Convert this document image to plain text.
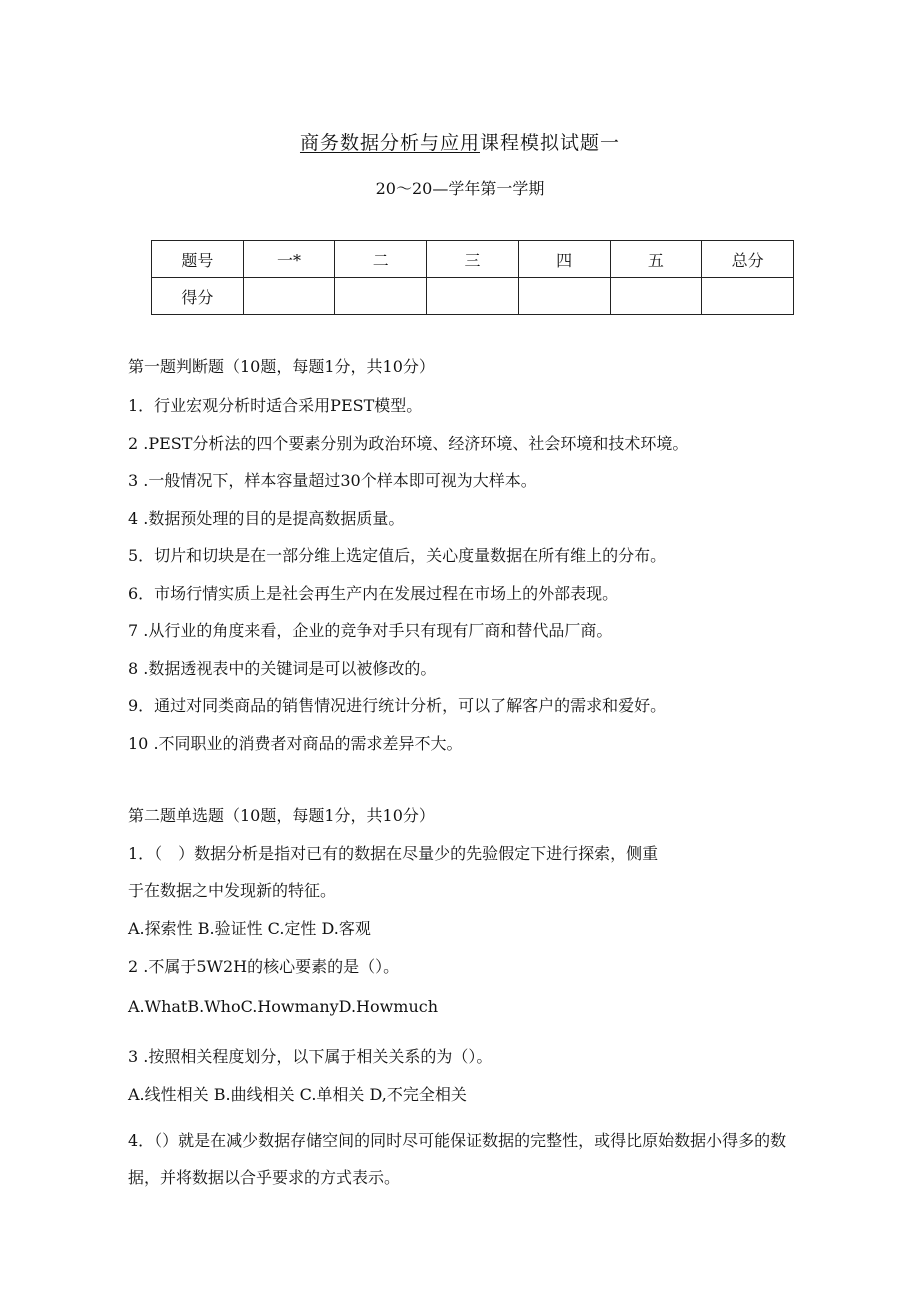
商务数据分析与应用课程模拟试题一
20～20—学年第一学期
题号	一*	二	三	四	五	总分
得分						
第一题判断题（10题，每题1分，共10分）
1．行业宏观分析时适合采用PEST模型。
2 .PEST分析法的四个要素分别为政治环境、经济环境、社会环境和技术环境。
3 .一般情况下，样本容量超过30个样本即可视为大样本。
4 .数据预处理的目的是提高数据质量。
5．切片和切块是在一部分维上选定值后，关心度量数据在所有维上的分布。
6．市场行情实质上是社会再生产内在发展过程在市场上的外部表现。
7 .从行业的角度来看，企业的竞争对手只有现有厂商和替代品厂商。
8 .数据透视表中的关键词是可以被修改的。
9．通过对同类商品的销售情况进行统计分析，可以了解客户的需求和爱好。
10 .不同职业的消费者对商品的需求差异不大。
第二题单选题（10题，每题1分，共10分）
1．（　）数据分析是指对已有的数据在尽量少的先验假定下进行探索，侧重
于在数据之中发现新的特征。
A.探索性 B.验证性 C.定性 D.客观
2 .不属于5W2H的核心要素的是（）。
A.WhatB.WhoC.HowmanyD.Howmuch
3 .按照相关程度划分，以下属于相关关系的为（）。
A.线性相关 B.曲线相关 C.单相关 D,不完全相关
4．（）就是在减少数据存储空间的同时尽可能保证数据的完整性，或得比原始数据小得多的数据，并将数据以合乎要求的方式表示。
